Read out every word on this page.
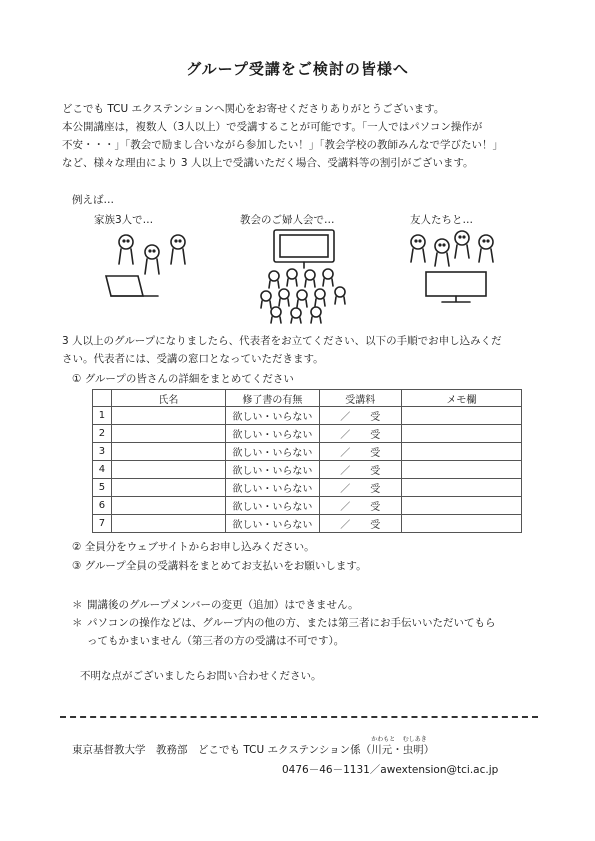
グループ受講をご検討の皆様へ
どこでも TCU エクステンションへ関心をお寄せくださりありがとうございます。
本公開講座は，複数人（3人以上）で受講することが可能です。「一人ではパソコン操作が
不安・・・」「教会で励まし合いながら参加したい！」「教会学校の教師みんなで学びたい！」
など、様々な理由により 3 人以上で受講いただく場合、受講料等の割引がございます。
例えば…
家族3人で…	教会のご婦人会で…	友人たちと…
3 人以上のグループになりましたら、代表者をお立てください、以下の手順でお申し込みくだ
さい。代表者には、受講の窓口となっていただきます。
① グループの皆さんの詳細をまとめてください
	氏名	修了書の有無	受講料	メモ欄
1		欲しい・いらない	／ 受	
2		欲しい・いらない	／ 受	
3		欲しい・いらない	／ 受	
4		欲しい・いらない	／ 受	
5		欲しい・いらない	／ 受	
6		欲しい・いらない	／ 受	
7		欲しい・いらない	／ 受	
② 全員分をウェブサイトからお申し込みください。
③ グループ全員の受講料をまとめてお支払いをお願いします。
＊ 開講後のグループメンバーの変更（追加）はできません。
＊ パソコンの操作などは、グループ内の他の方、または第三者にお手伝いいただいてもら
ってもかまいません（第三者の方の受講は不可です）。
不明な点がございましたらお問い合わせください。
東京基督教大学　教務部　どこでも TCU エクステンション係（
かわもと
川元・
むしあき
虫明）
0476－46－1131／awextension@tci.ac.jp
